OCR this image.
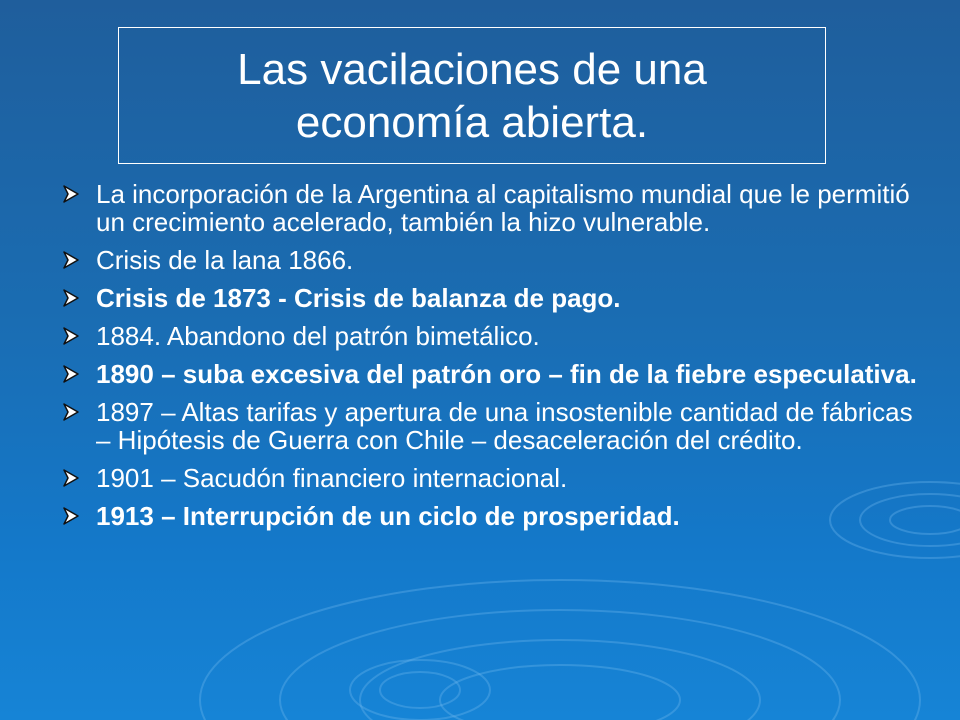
Las vacilaciones de una
economía abierta.
La incorporación de la Argentina al capitalismo mundial que le permitió un crecimiento acelerado, también la hizo vulnerable.
Crisis de la lana 1866.
Crisis de 1873 - Crisis de balanza de pago.
1884. Abandono del patrón bimetálico.
1890 – suba excesiva del patrón oro – fin de la fiebre especulativa.
1897 – Altas tarifas y apertura de una insostenible cantidad de fábricas – Hipótesis de Guerra con Chile – desaceleración del crédito.
1901 – Sacudón financiero internacional.
1913 – Interrupción de un ciclo de prosperidad.
